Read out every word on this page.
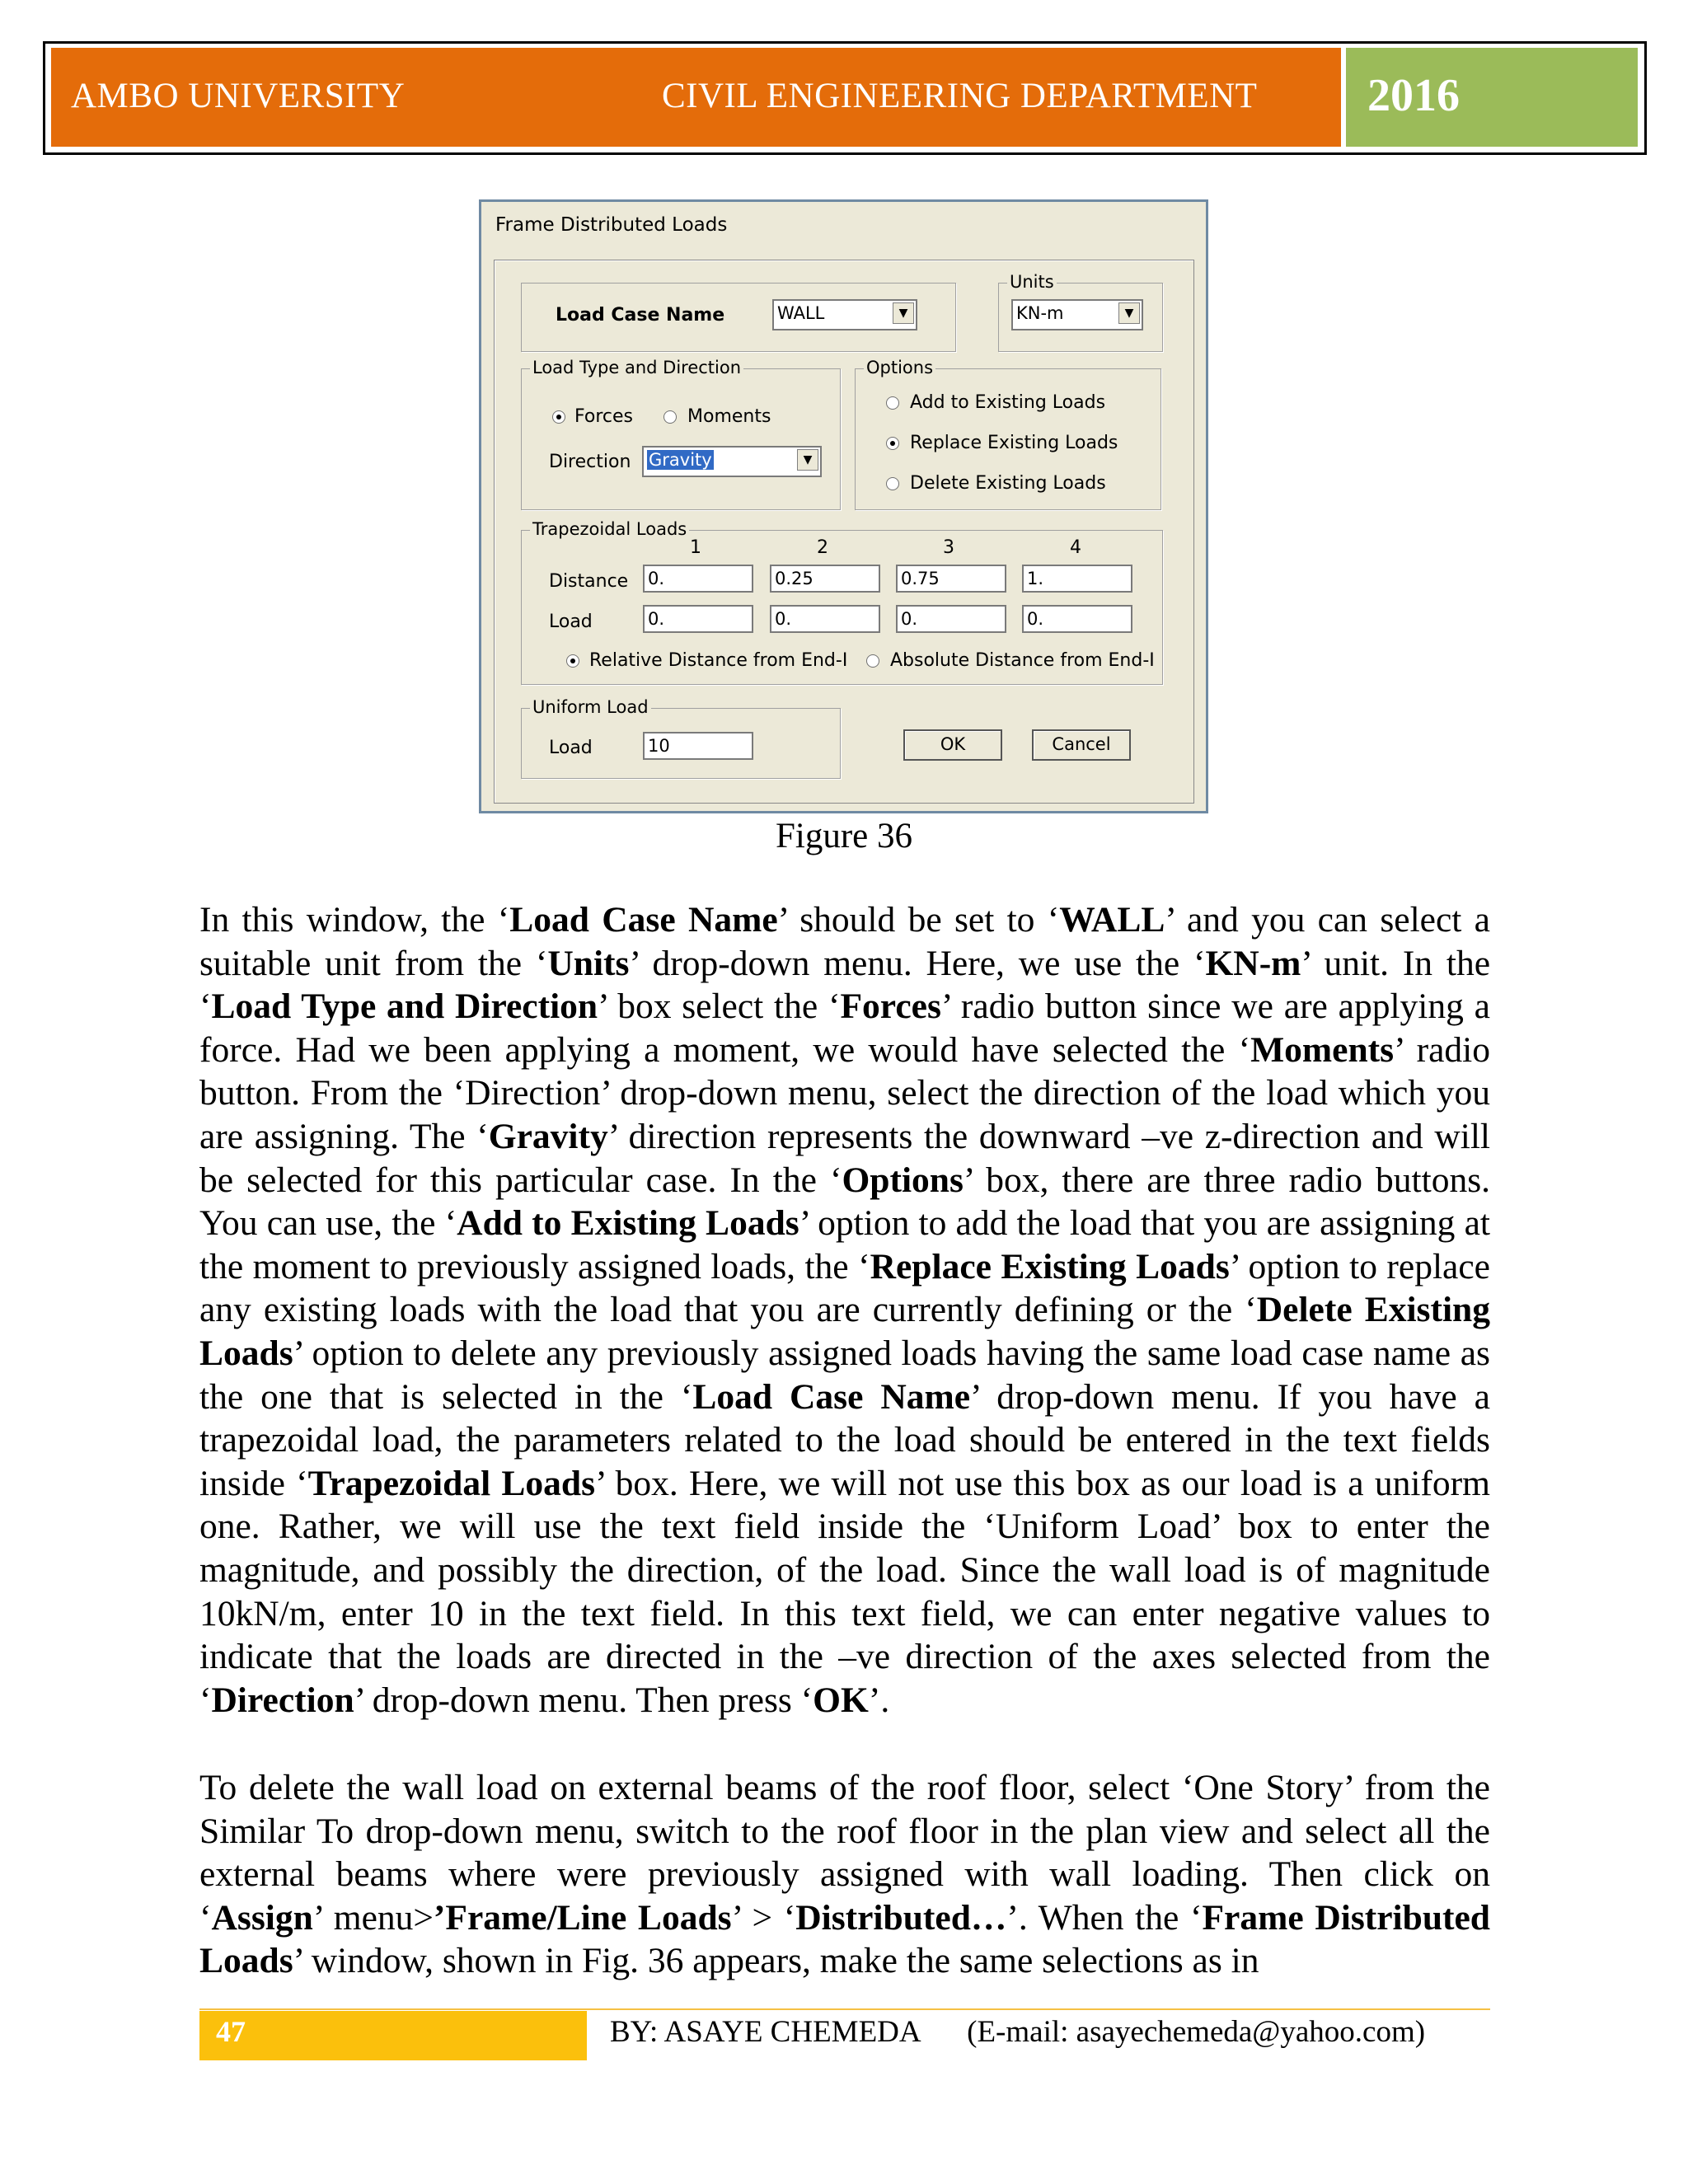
AMBO UNIVERSITY	CIVIL ENGINEERING DEPARTMENT 2016
Frame Distributed Loads
Load Case Name	WALL	▼
Units
KN-m	▼
Load Type and Direction
Forces	Moments
Direction	Gravity	▼
Options
Add to Existing Loads
Replace Existing Loads
Delete Existing Loads
Trapezoidal Loads
1	2	3	4
Distance 0.	0.25	0.75	1.
Load	0.	0.	0.	0.
Relative Distance from End-I Absolute Distance from End-I
Uniform Load
Load	10	OK	Cancel
Figure 36
In this window, the ‘Load Case Name’ should be set to ‘WALL’ and you can select a suitable unit from the ‘Units’ drop-down menu. Here, we use the ‘KN-m’ unit. In the ‘Load Type and Direction’ box select the ‘Forces’ radio button since we are applying a force. Had we been applying a moment, we would have selected the ‘Moments’ radio button. From the ‘Direction’ drop-down menu, select the direction of the load which you are assigning. The ‘Gravity’ direction represents the downward –ve z-direction and will be selected for this particular case. In the ‘Options’ box, there are three radio buttons. You can use, the ‘Add to Existing Loads’ option to add the load that you are assigning at the moment to previously assigned loads, the ‘Replace Existing Loads’ option to replace any existing loads with the load that you are currently defining or the ‘Delete Existing Loads’ option to delete any previously assigned loads having the same load case name as the one that is selected in the ‘Load Case Name’ drop-down menu. If you have a trapezoidal load, the parameters related to the load should be entered in the text fields inside ‘Trapezoidal Loads’ box. Here, we will not use this box as our load is a uniform one. Rather, we will use the text field inside the ‘Uniform Load’ box to enter the magnitude, and possibly the direction, of the load. Since the wall load is of magnitude 10kN/m, enter 10 in the text field. In this text field, we can enter negative values to indicate that the loads are directed in the –ve direction of the axes selected from the ‘Direction’ drop-down menu. Then press ‘OK’.
To delete the wall load on external beams of the roof floor, select ‘One Story’ from the Similar To drop-down menu, switch to the roof floor in the plan view and select all the external beams where were previously assigned with wall loading. Then click on ‘Assign’ menu>’Frame/Line Loads’ > ‘Distributed…’. When the ‘Frame Distributed Loads’ window, shown in Fig. 36 appears, make the same selections as in
47	BY: ASAYE CHEMEDA (E-mail: asayechemeda@yahoo.com)
